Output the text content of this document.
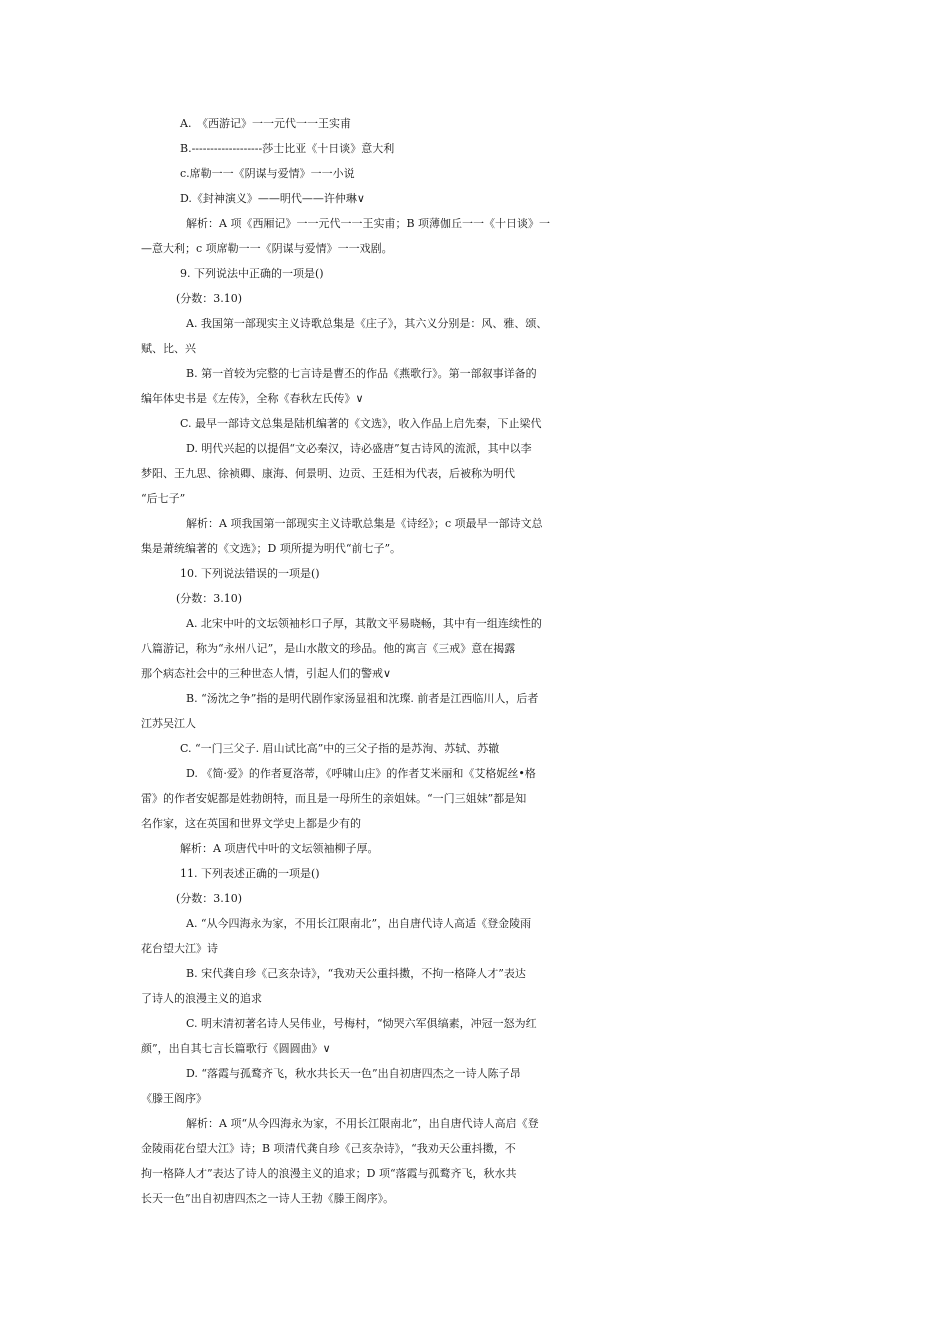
A.　《西游记》一一元代一一王实甫

B.-------------------莎士比亚《十日谈》意大利

c.席勒一一《阴谋与爱情》一一小说

D.《封神演义》——明代——许仲琳∨

解析：A 项《西厢记》一一元代一一王实甫；B 项薄伽丘一一《十日谈》一

—意大利；c 项席勒一一《阴谋与爱情》一一戏剧。

9. 下列说法中正确的一项是()

(分数：3.10)

A. 我国第一部现实主义诗歌总集是《庄子》，其六义分别是：风、雅、颂、

赋、比、兴

B. 第一首较为完整的七言诗是曹丕的作品《燕歌行》。第一部叙事详备的

编年体史书是《左传》，全称《春秋左氏传》∨

C. 最早一部诗文总集是陆机编著的《文选》，收入作品上启先秦，下止梁代

D. 明代兴起的以提倡“文必秦汉，诗必盛唐”复古诗风的流派，其中以李

梦阳、王九思、徐祯卿、康海、何景明、边贡、王廷相为代表，后被称为明代

“后七子”

解析：A 项我国第一部现实主义诗歌总集是《诗经》；c 项最早一部诗文总

集是萧统编著的《文选》；D 项所提为明代“前七子”。

10. 下列说法错误的一项是()

(分数：3.10)

A. 北宋中叶的文坛领袖杉口子厚，其散文平易晓畅，其中有一组连续性的

八篇游记，称为“永州八记”，是山水散文的珍品。他的寓言《三戒》意在揭露

那个病态社会中的三种世态人情，引起人们的警戒∨

B. “汤沈之争”指的是明代剧作家汤显祖和沈璨. 前者是江西临川人，后者

江苏吴江人

C. “一门三父子. 眉山试比高”中的三父子指的是苏洵、苏轼、苏辙

D. 《简·爱》的作者夏洛蒂，《呼啸山庄》的作者艾米丽和《艾格妮丝•格

雷》的作者安妮都是姓勃朗特，而且是一母所生的亲姐妹。“一门三姐妹”都是知

名作家，这在英国和世界文学史上都是少有的

解析：A 项唐代中叶的文坛领袖柳子厚。

11. 下列表述正确的一项是()

(分数：3.10)

A. “从今四海永为家，不用长江限南北”，出自唐代诗人高适《登金陵雨

花台望大江》诗

B. 宋代龚自珍《己亥杂诗》，“我劝天公重抖擞，不拘一格降人才”表达

了诗人的浪漫主义的追求

C. 明末清初著名诗人吴伟业，号梅村，“恸哭六军俱缟素，冲冠一怒为红

颜”，出自其七言长篇歌行《圆圆曲》∨

D. “落霞与孤鹜齐飞，秋水共长天一色”出自初唐四杰之一诗人陈子昂

《滕王阁序》

解析：A 项“从今四海永为家，不用长江限南北”，出自唐代诗人高启《登

金陵雨花台望大江》诗；B 项清代龚自珍《己亥杂诗》，“我劝天公重抖擞，不

拘一格降人才”表达了诗人的浪漫主义的追求；D 项“落霞与孤鹜齐飞，秋水共

长天一色”出自初唐四杰之一诗人王勃《滕王阁序》。
